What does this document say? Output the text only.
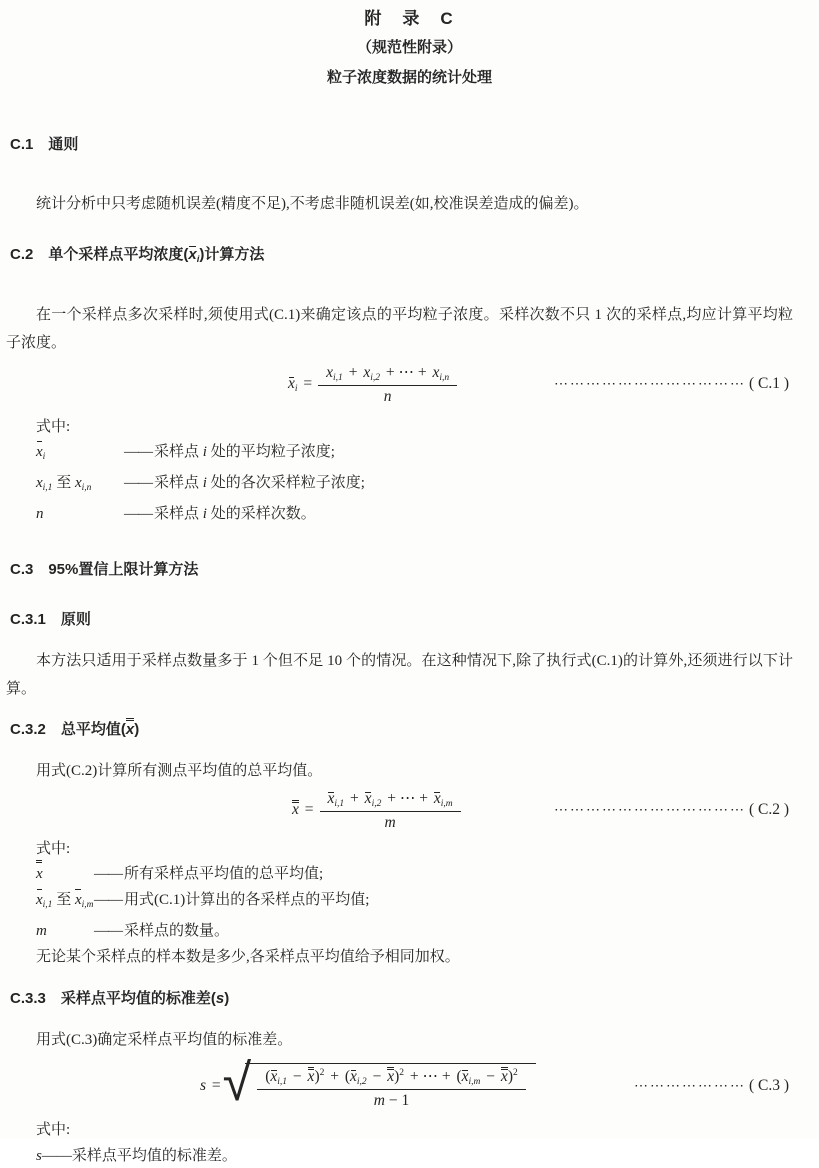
附　录　C
（规范性附录）
粒子浓度数据的统计处理
C.1　通则
统计分析中只考虑随机误差(精度不足),不考虑非随机误差(如,校准误差造成的偏差)。
C.2　单个采样点平均浓度$(x_i)$计算方法
在一个采样点多次采样时,须使用式(C.1)来确定该点的平均粒子浓度。采样次数不只 1 次的采样点,均应计算平均粒子浓度。
$x_i = \frac{x_{i,1} + x_{i,2} + \cdots + x_{i,n}}{n}$	⋯⋯⋯⋯⋯⋯⋯⋯⋯⋯⋯⋯ ( C.1 )
式中:
$x_i$	—— 采样点 i 处的平均粒子浓度;
$x_{i,1}$ 至 $x_{i,n}$	—— 采样点 i 处的各次采样粒子浓度;
n	—— 采样点 i 处的采样次数。
C.3　95%置信上限计算方法
C.3.1　原则
本方法只适用于采样点数量多于 1 个但不足 10 个的情况。在这种情况下,除了执行式(C.1)的计算外,还须进行以下计算。
C.3.2　总平均值(x)
用式(C.2)计算所有测点平均值的总平均值。
$x = \frac{x_{i,1} + x_{i,2} + \cdots + x_{i,m}}{m}$	⋯⋯⋯⋯⋯⋯⋯⋯⋯⋯⋯⋯ ( C.2 )
式中:
x	—— 所有采样点平均值的总平均值;
$x_{i,1}$ 至 $x_{i,m}$ —— 用式(C.1)计算出的各采样点的平均值;
m	—— 采样点的数量。
无论某个采样点的样本数是多少,各采样点平均值给予相同加权。
C.3.3　采样点平均值的标准差(s)
用式(C.3)确定采样点平均值的标准差。
s = √ $\frac{(x_{i,1} - x)^2 + (x_{i,2} - x)^2 + \cdots + (x_{i,m} - x)^2}{m - 1}$	⋯⋯⋯⋯⋯⋯⋯ ( C.3 )
式中:
s——采样点平均值的标准差。
